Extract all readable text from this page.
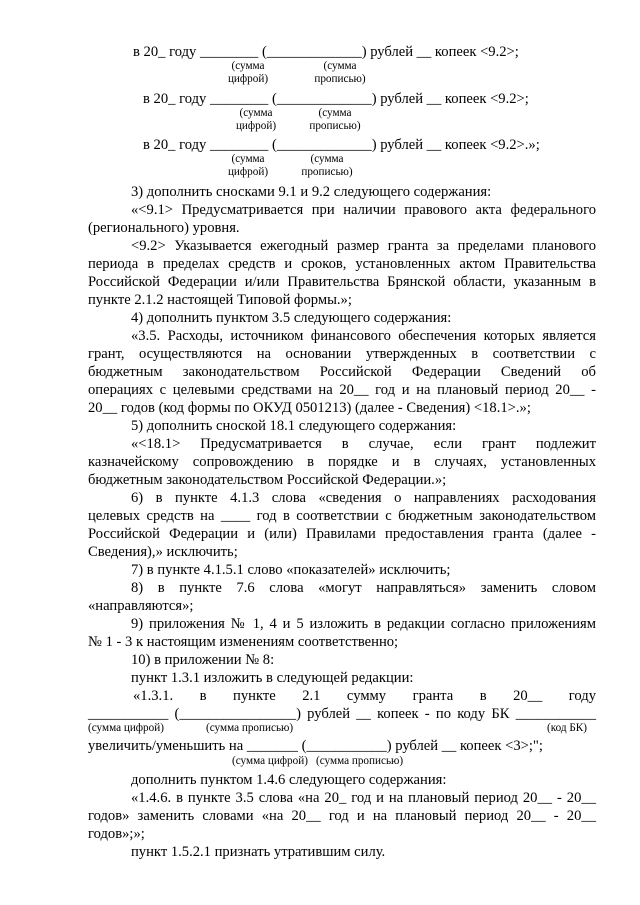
в 20_ году ________ (_____________) рублей __ копеек <9.2>;
(сумма цифрой)
(сумма прописью)
в 20_ году ________ (_____________) рублей __ копеек <9.2>;
(сумма цифрой)
(сумма прописью)
в 20_ году ________ (_____________) рублей __ копеек <9.2>.»;
(сумма цифрой)
(сумма прописью)
3) дополнить сносками 9.1 и 9.2 следующего содержания:
«<9.1> Предусматривается при наличии правового акта федерального
(регионального) уровня.
<9.2> Указывается ежегодный размер гранта за пределами планового
периода в пределах средств и сроков, установленных актом Правительства
Российской Федерации и/или Правительства Брянской области, указанным в
пункте 2.1.2 настоящей Типовой формы.»;
4) дополнить пунктом 3.5 следующего содержания:
«3.5. Расходы, источником финансового обеспечения которых является
грант, осуществляются на основании утвержденных в соответствии с
бюджетным законодательством Российской Федерации Сведений об
операциях с целевыми средствами на 20__ год и на плановый период 20__ -
20__ годов (код формы по ОКУД 0501213) (далее - Сведения) <18.1>.»;
5) дополнить сноской 18.1 следующего содержания:
«<18.1> Предусматривается в случае, если грант подлежит
казначейскому сопровождению в порядке и в случаях, установленных
бюджетным законодательством Российской Федерации.»;
6) в пункте 4.1.3 слова «сведения о направлениях расходования
целевых средств на ____ год в соответствии с бюджетным законодательством
Российской Федерации и (или) Правилами предоставления гранта (далее -
Сведения),» исключить;
7) в пункте 4.1.5.1 слово «показателей» исключить;
8) в пункте 7.6 слова «могут направляться» заменить словом
«направляются»;
9) приложения № 1, 4 и 5 изложить в редакции согласно приложениям
№ 1 - 3 к настоящим изменениям соответственно;
10) в приложении № 8:
пункт 1.3.1 изложить в следующей редакции:
«1.3.1. в пункте 2.1 сумму гранта в 20__ году
___________ (________________) рублей __ копеек - по коду БК ___________
(сумма цифрой)	(сумма прописью)	(код БК)
увеличить/уменьшить на _______ (___________) рублей __ копеек <3>;";
(сумма цифрой) (сумма прописью)
дополнить пунктом 1.4.6 следующего содержания:
«1.4.6. в пункте 3.5 слова «на 20_ год и на плановый период 20__ - 20__
годов» заменить словами «на 20__ год и на плановый период 20__ - 20__
годов»;»;
пункт 1.5.2.1 признать утратившим силу.
